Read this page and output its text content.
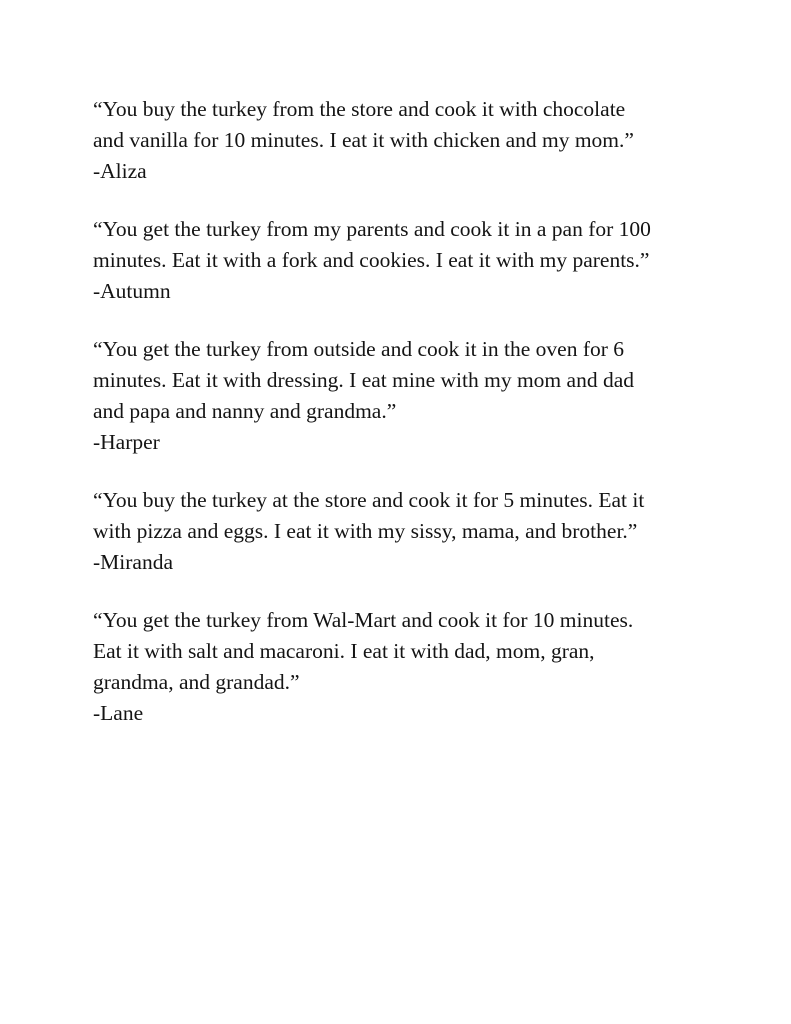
“You buy the turkey from the store and cook it with chocolate
and vanilla for 10 minutes. I eat it with chicken and my mom.”

-Aliza

“You get the turkey from my parents and cook it in a pan for 100
minutes. Eat it with a fork and cookies. I eat it with my parents.”

-Autumn

“You get the turkey from outside and cook it in the oven for 6
minutes. Eat it with dressing. I eat mine with my mom and dad
and papa and nanny and grandma.”

-Harper

“You buy the turkey at the store and cook it for 5 minutes. Eat it
with pizza and eggs. I eat it with my sissy, mama, and brother.”

-Miranda

“You get the turkey from Wal-Mart and cook it for 10 minutes.
Eat it with salt and macaroni. I eat it with dad, mom, gran,
grandma, and grandad.”

-Lane
